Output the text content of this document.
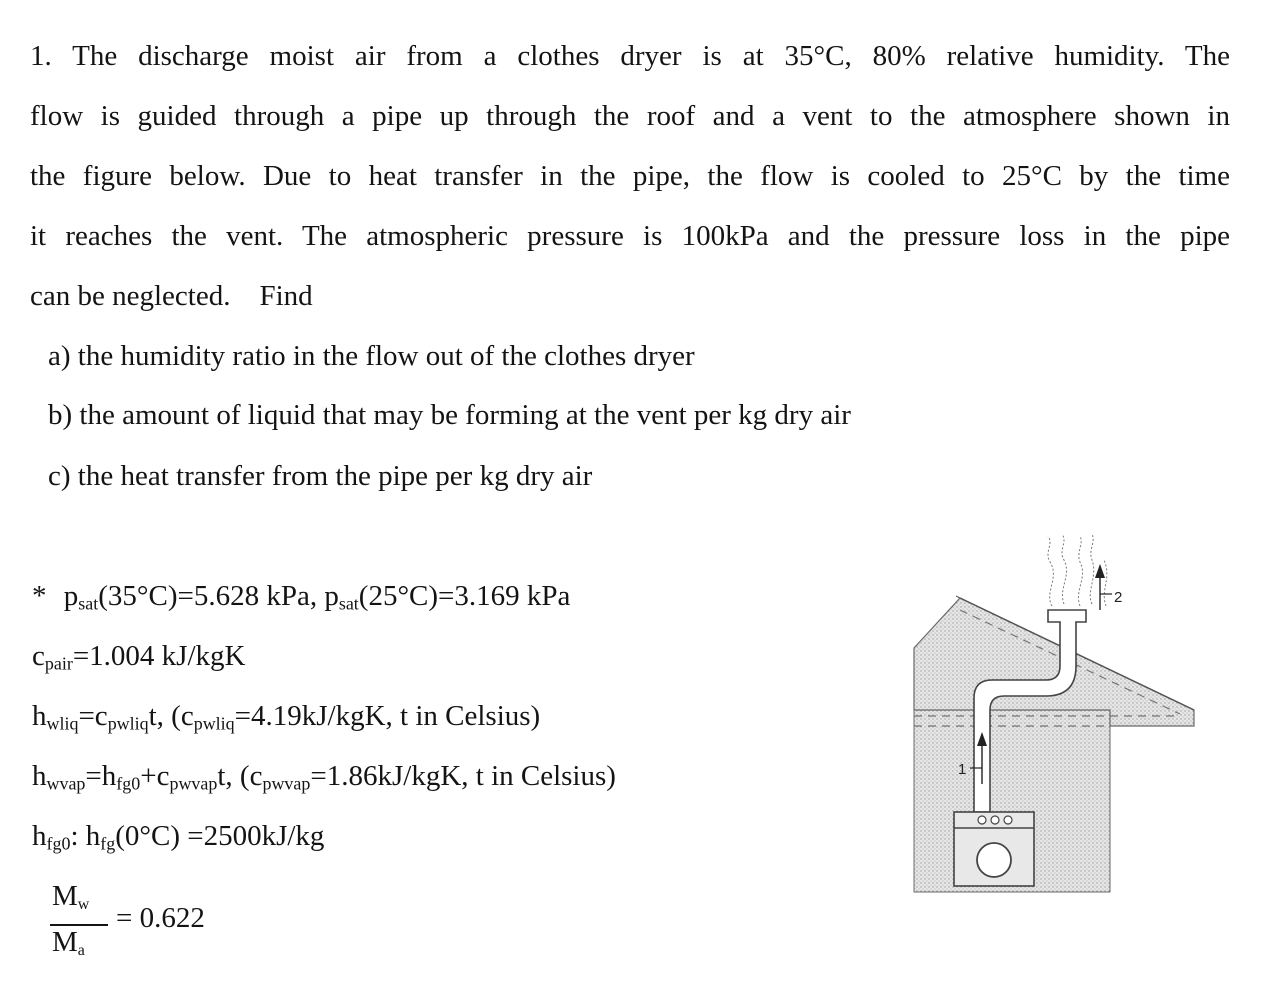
1. The discharge moist air from a clothes dryer is at 35°C, 80% relative humidity. The
flow is guided through a pipe up through the roof and a vent to the atmosphere shown in
the figure below. Due to heat transfer in the pipe, the flow is cooled to 25°C by the time
it reaches the vent. The atmospheric pressure is 100kPa and the pressure loss in the pipe
can be neglected.    Find
a) the humidity ratio in the flow out of the clothes dryer
b) the amount of liquid that may be forming at the vent per kg dry air
c) the heat transfer from the pipe per kg dry air
* $p_{sat}(35^\circ C)=5.628$ kPa, $p_{sat}(25^\circ C)=3.169$ kPa
$c_{pair}=1.004$ kJ/kgK
$h_{wliq}=c_{pwliq}t$, ($c_{pwliq}=4.19kJ$/kgK, t in Celsius)
$h_{wvap}=h_{fg0}+c_{pwvap}t$, ($c_{pwvap}=1.86kJ$/kgK, t in Celsius)
$h_{fg0}$: $h_{fg}(0^\circ C) =2500kJ/kg$
$M_w$
$M_a$
= 0.622
2
1
